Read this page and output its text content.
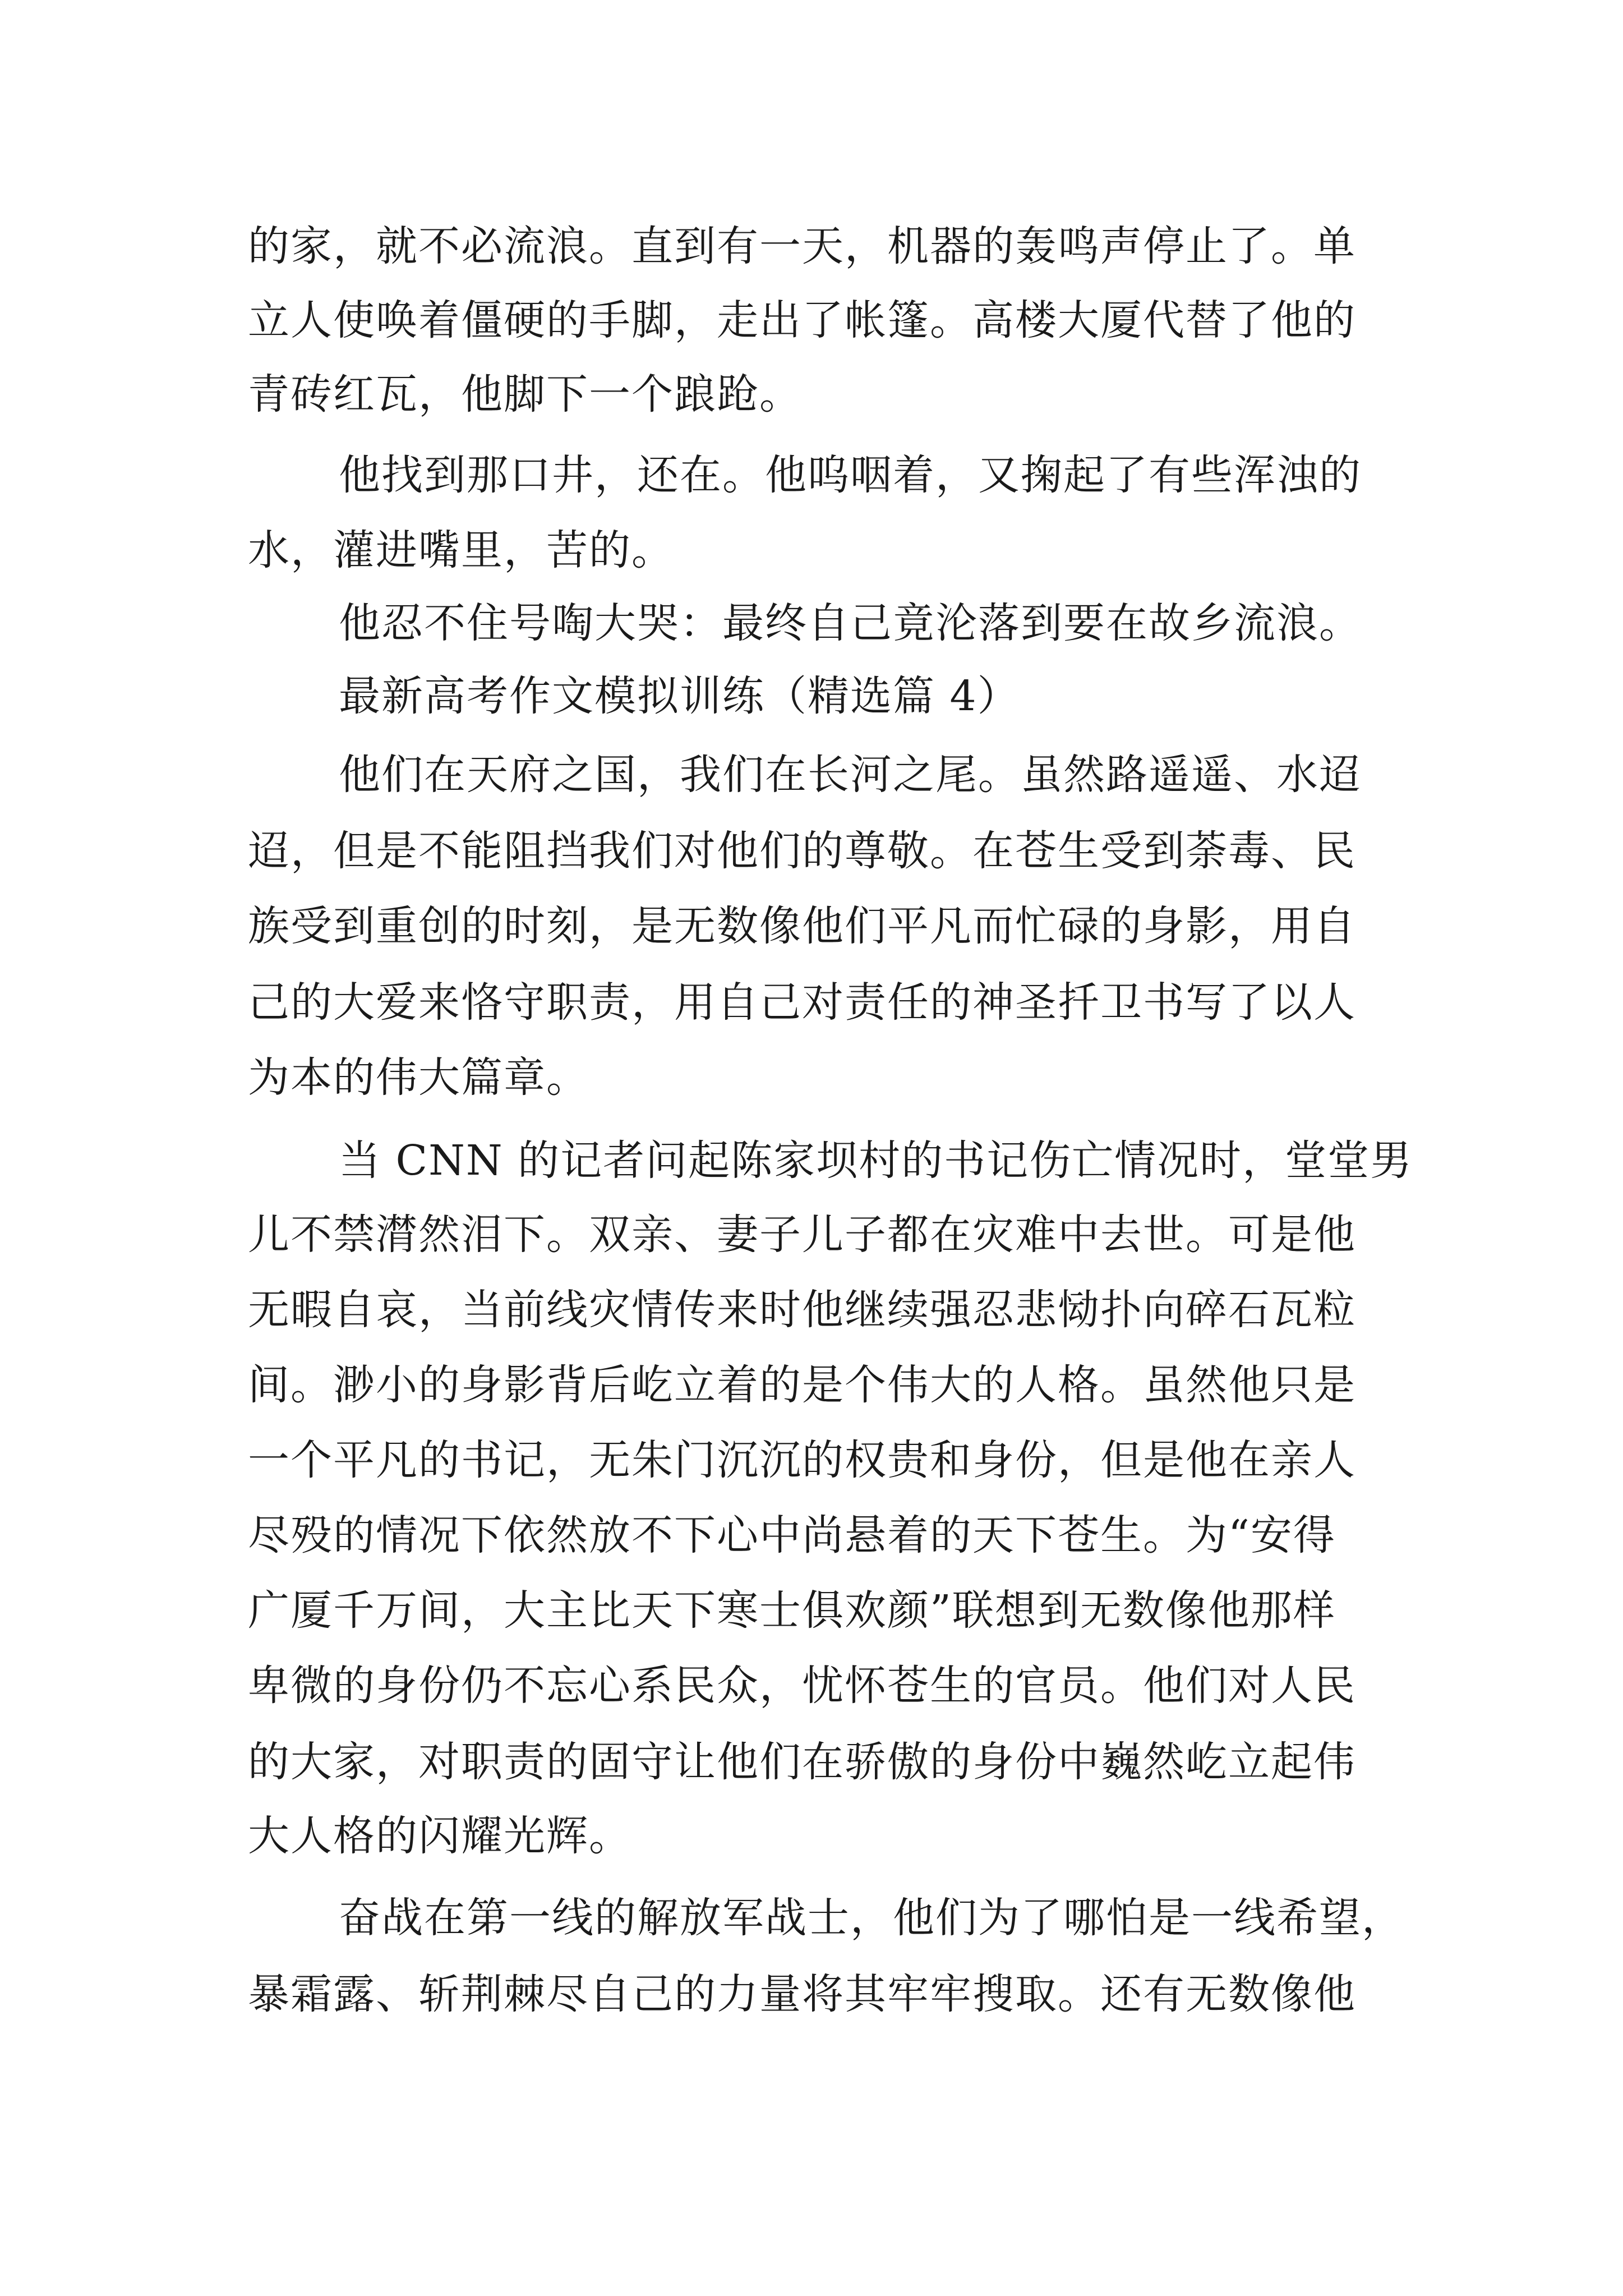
的家，就不必流浪。直到有一天，机器的轰鸣声停止了。单

立人使唤着僵硬的手脚，走出了帐篷。高楼大厦代替了他的

青砖红瓦，他脚下一个踉跄。

他找到那口井，还在。他呜咽着，又掬起了有些浑浊的

水，灌进嘴里，苦的。

他忍不住号啕大哭：最终自己竟沦落到要在故乡流浪。

最新高考作文模拟训练（精选篇 4）

他们在天府之国，我们在长河之尾。虽然路遥遥、水迢

迢，但是不能阻挡我们对他们的尊敬。在苍生受到荼毒、民

族受到重创的时刻，是无数像他们平凡而忙碌的身影，用自

己的大爱来恪守职责，用自己对责任的神圣扦卫书写了以人

为本的伟大篇章。

当 CNN 的记者问起陈家坝村的书记伤亡情况时，堂堂男

儿不禁潸然泪下。双亲、妻子儿子都在灾难中去世。可是他

无暇自哀，当前线灾情传来时他继续强忍悲恸扑向碎石瓦粒

间。渺小的身影背后屹立着的是个伟大的人格。虽然他只是

一个平凡的书记，无朱门沉沉的权贵和身份，但是他在亲人

尽殁的情况下依然放不下心中尚悬着的天下苍生。为“安得

广厦千万间，大主比天下寒士俱欢颜”联想到无数像他那样

卑微的身份仍不忘心系民众，忧怀苍生的官员。他们对人民

的大家，对职责的固守让他们在骄傲的身份中巍然屹立起伟

大人格的闪耀光辉。

奋战在第一线的解放军战士，他们为了哪怕是一线希望，

暴霜露、斩荆棘尽自己的力量将其牢牢搜取。还有无数像他
